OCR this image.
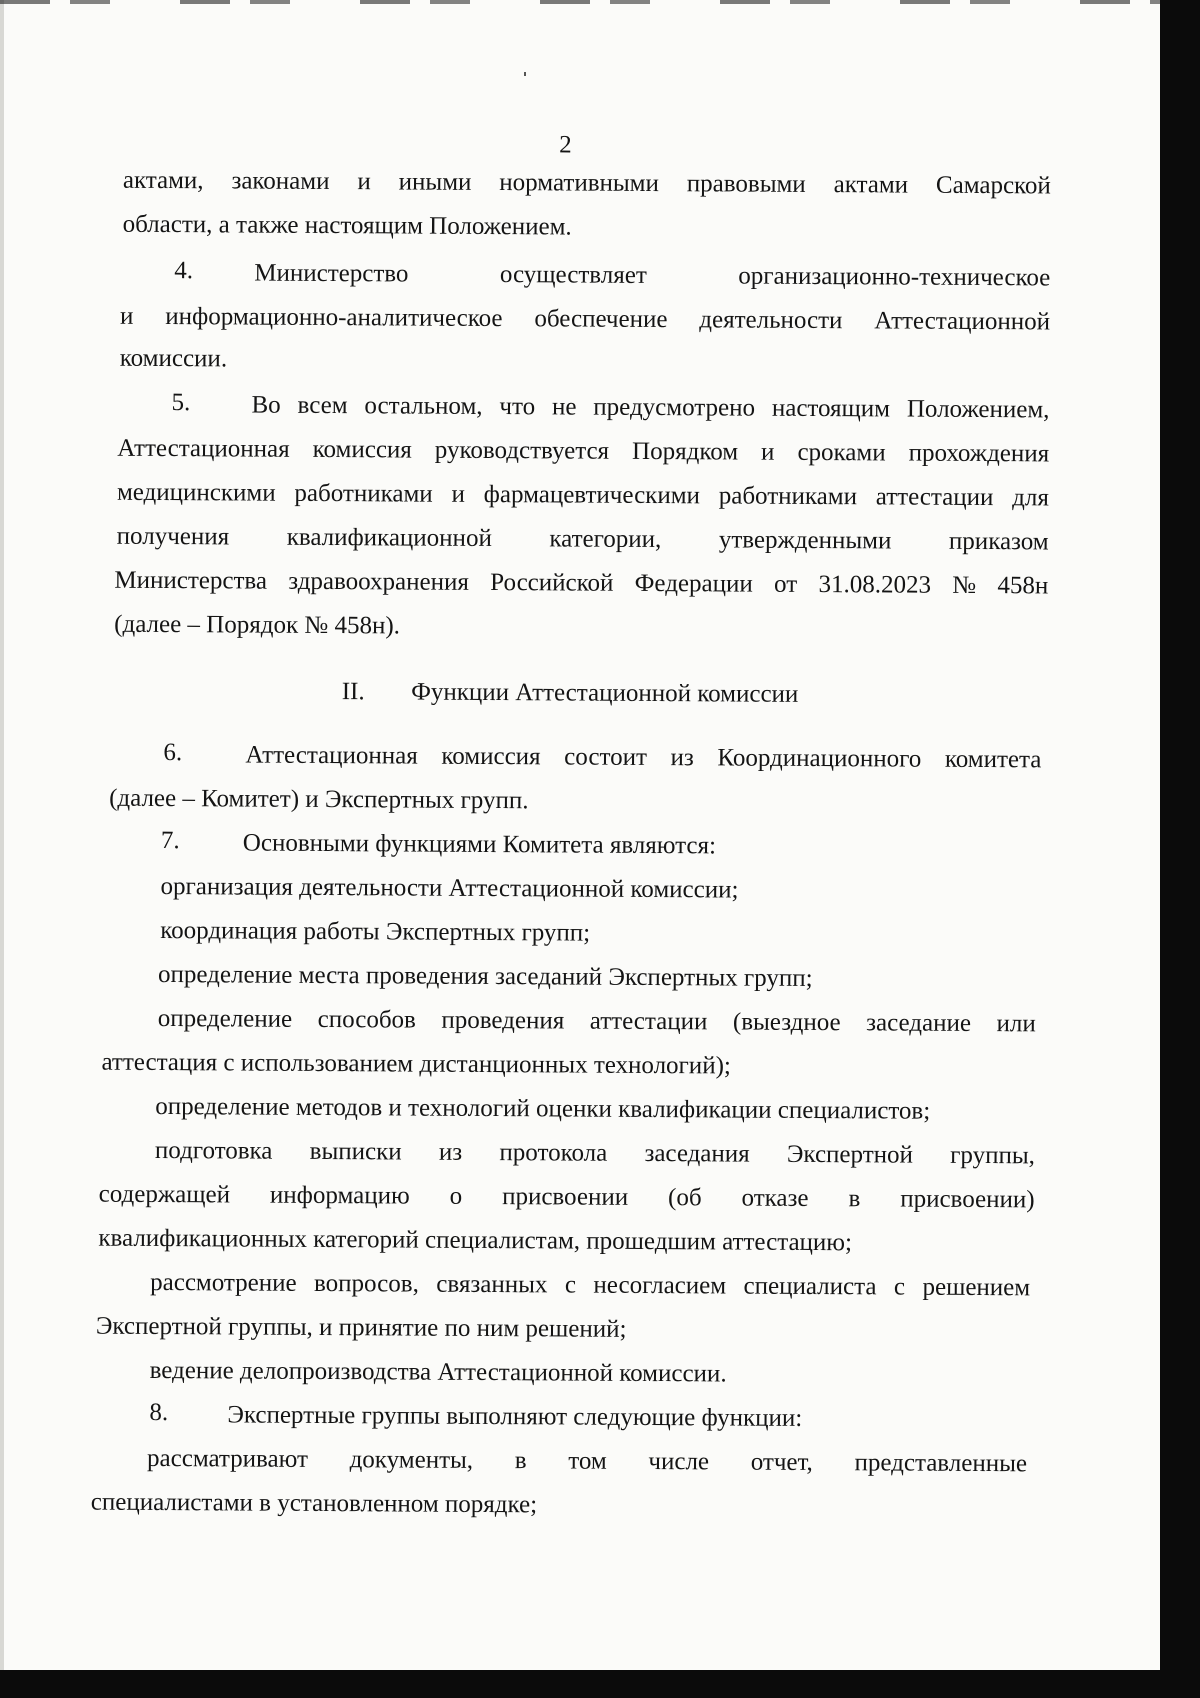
2
актами, законами и иными нормативными правовыми актами Самарской
области, а также настоящим Положением.
4. Министерство	осуществляет	организационно-техническое
и информационно-аналитическое обеспечение деятельности Аттестационной
комиссии.
5. Во всем остальном, что не предусмотрено настоящим Положением,
Аттестационная комиссия руководствуется Порядком и сроками прохождения
медицинскими работниками и фармацевтическими работниками аттестации для
получения квалификационной категории, утвержденными приказом
Министерства здравоохранения Российской Федерации от 31.08.2023 № 458н
(далее – Порядок № 458н).
II. Функции Аттестационной комиссии
6.	Аттестационная комиссия состоит из Координационного комитета
(далее – Комитет) и Экспертных групп.
7.	Основными функциями Комитета являются:
организация деятельности Аттестационной комиссии;
координация работы Экспертных групп;
определение места проведения заседаний Экспертных групп;
определение способов проведения аттестации (выездное заседание или
аттестация с использованием дистанционных технологий);
определение методов и технологий оценки квалификации специалистов;
подготовка выписки из протокола заседания Экспертной группы,
содержащей информацию о присвоении (об отказе в присвоении)
квалификационных категорий специалистам, прошедшим аттестацию;
рассмотрение вопросов, связанных с несогласием специалиста с решением
Экспертной группы, и принятие по ним решений;
ведение делопроизводства Аттестационной комиссии.
8. Экспертные группы выполняют следующие функции:
рассматривают документы, в том числе отчет, представленные
специалистами в установленном порядке;
